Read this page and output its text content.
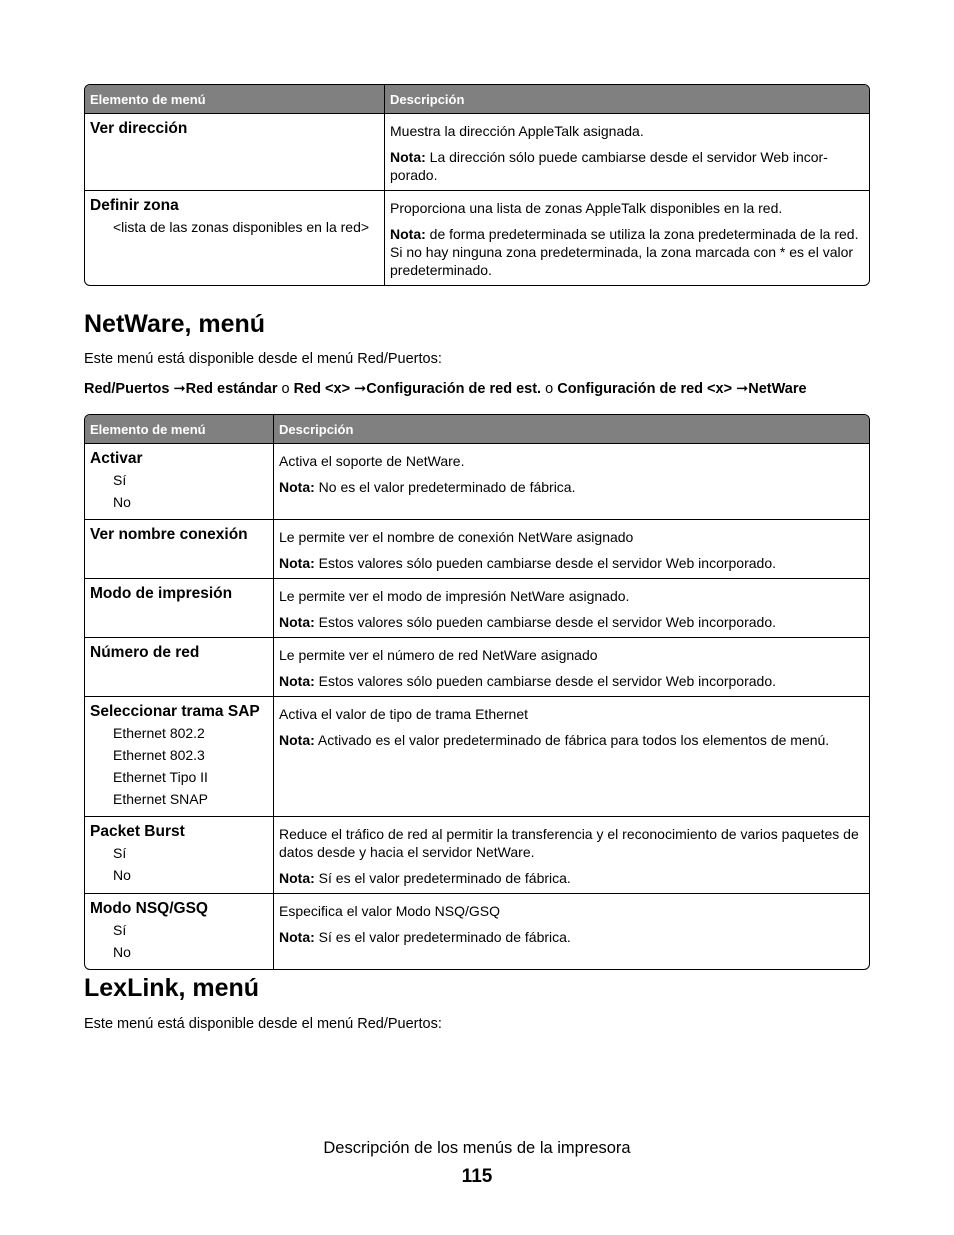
Elemento de menú	Descripción

Ver dirección	Muestra la dirección AppleTalk asignada.
Nota: La dirección sólo puede cambiarse desde el servidor Web incor-porado.

Definir zona
<lista de las zonas disponibles en la red>	Proporciona una lista de zonas AppleTalk disponibles en la red.
Nota: de forma predeterminada se utiliza la zona predeterminada de la red. Si no hay ninguna zona predeterminada, la zona marcada con * es el valor predeterminado.
NetWare, menú

Este menú está disponible desde el menú Red/Puertos:

Red/Puertos ➞Red estándar o Red <x> ➞Configuración de red est. o Configuración de red <x> ➞NetWare
Elemento de menú	Descripción

Activar
Sí
No	Activa el soporte de NetWare.
Nota: No es el valor predeterminado de fábrica.

Ver nombre conexión	Le permite ver el nombre de conexión NetWare asignado
Nota: Estos valores sólo pueden cambiarse desde el servidor Web incorporado.

Modo de impresión	Le permite ver el modo de impresión NetWare asignado.
Nota: Estos valores sólo pueden cambiarse desde el servidor Web incorporado.

Número de red	Le permite ver el número de red NetWare asignado
Nota: Estos valores sólo pueden cambiarse desde el servidor Web incorporado.

Seleccionar trama SAP
Ethernet 802.2
Ethernet 802.3
Ethernet Tipo II
Ethernet SNAP	Activa el valor de tipo de trama Ethernet
Nota: Activado es el valor predeterminado de fábrica para todos los elementos de menú.

Packet Burst
Sí
No	Reduce el tráfico de red al permitir la transferencia y el reconocimiento de varios paquetes de datos desde y hacia el servidor NetWare.
Nota: Sí es el valor predeterminado de fábrica.

Modo NSQ/GSQ
Sí
No	Especifica el valor Modo NSQ/GSQ
Nota: Sí es el valor predeterminado de fábrica.
LexLink, menú

Este menú está disponible desde el menú Red/Puertos:

Descripción de los menús de la impresora
115
